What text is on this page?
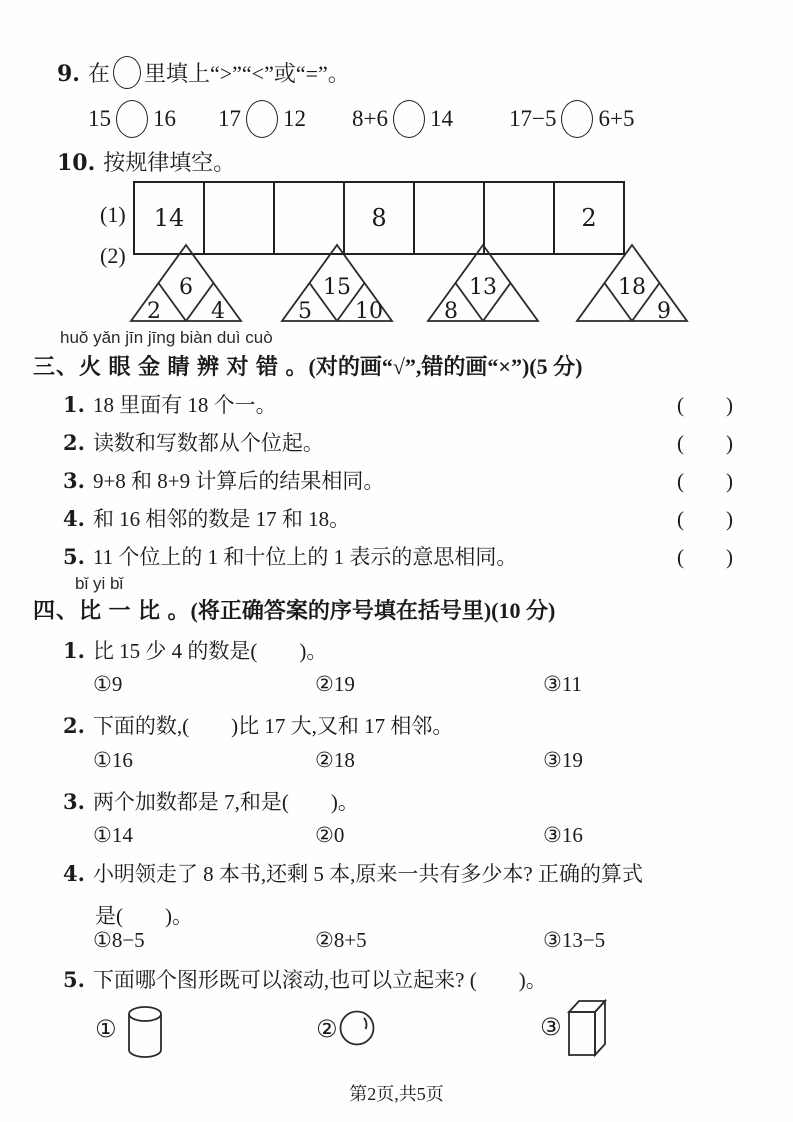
9. 在 里填上“>”“<”或“=”。
15 16 17 12 8+6 14 17−5 6+5
10. 按规律填空。
(1) 14			8			2
(2)
6
2 4
15
5 10
13
8
18
9
huǒ yǎn jīn jīng biàn duì cuò
三、火 眼 金 睛 辨 对 错 。(对的画“√”,错的画“×”)(5 分)
1. 18 里面有 18 个一。	(　　)
2. 读数和写数都从个位起。	(　　)
3. 9+8 和 8+9 计算后的结果相同。	(　　)
4. 和 16 相邻的数是 17 和 18。	(　　)
5. 11 个位上的 1 和十位上的 1 表示的意思相同。	(　　)
bǐ yi bǐ
四、比 一 比 。(将正确答案的序号填在括号里)(10 分)
1. 比 15 少 4 的数是(　　)。
①9	②19	③11
2. 下面的数,(　　)比 17 大,又和 17 相邻。
①16	②18	③19
3. 两个加数都是 7,和是(　　)。
①14	②0	③16
4. 小明领走了 8 本书,还剩 5 本,原来一共有多少本? 正确的算式
是(　　)。
①8−5	②8+5	③13−5
5. 下面哪个图形既可以滚动,也可以立起来? (　　)。
①	②	③
第2页,共5页
